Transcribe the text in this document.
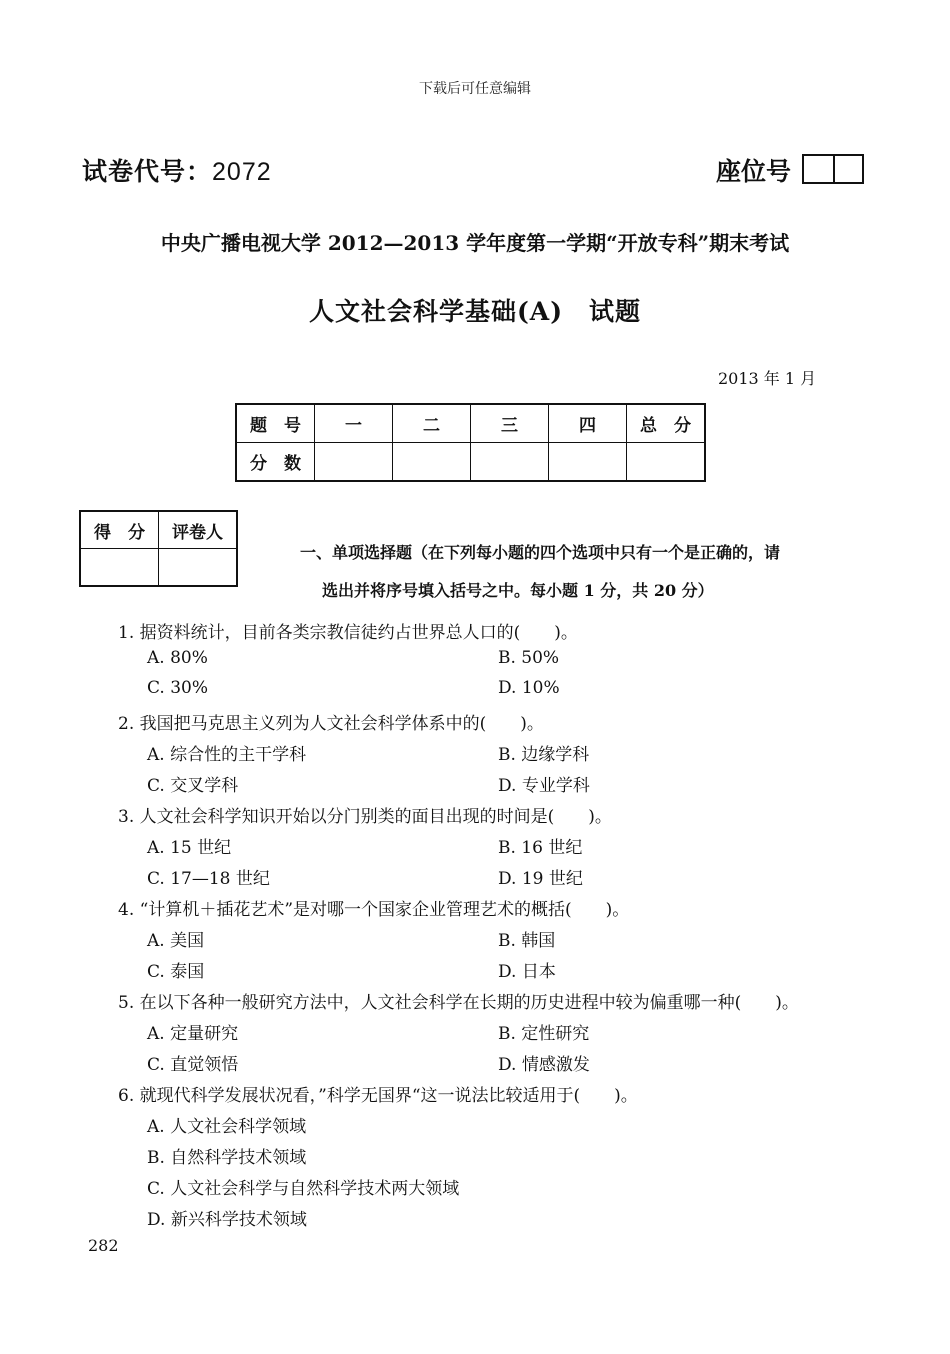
下载后可任意编辑
试卷代号：2072	座位号
中央广播电视大学 2012—2013 学年度第一学期“开放专科”期末考试
人文社会科学基础(A)　试题
2013 年 1 月
题　号	一	二	三	四	总　分
分　数					
得　分	评卷人

一、单项选择题（在下列每小题的四个选项中只有一个是正确的，请
选出并将序号填入括号之中。每小题 1 分，共 20 分）
1. 据资料统计，目前各类宗教信徒约占世界总人口的(　　)。
A. 80%	B. 50%
C. 30%	D. 10%
2. 我国把马克思主义列为人文社会科学体系中的(　　)。
A. 综合性的主干学科	B. 边缘学科
C. 交叉学科	D. 专业学科
3. 人文社会科学知识开始以分门别类的面目出现的时间是(　　)。
A. 15 世纪	B. 16 世纪
C. 17—18 世纪	D. 19 世纪
4. “计算机＋插花艺术”是对哪一个国家企业管理艺术的概括(　　)。
A. 美国	B. 韩国
C. 泰国	D. 日本
5. 在以下各种一般研究方法中，人文社会科学在长期的历史进程中较为偏重哪一种(　　)。
A. 定量研究	B. 定性研究
C. 直觉领悟	D. 情感激发
6. 就现代科学发展状况看，”科学无国界“这一说法比较适用于(　　)。
A. 人文社会科学领域
B. 自然科学技术领域
C. 人文社会科学与自然科学技术两大领域
D. 新兴科学技术领域
282
